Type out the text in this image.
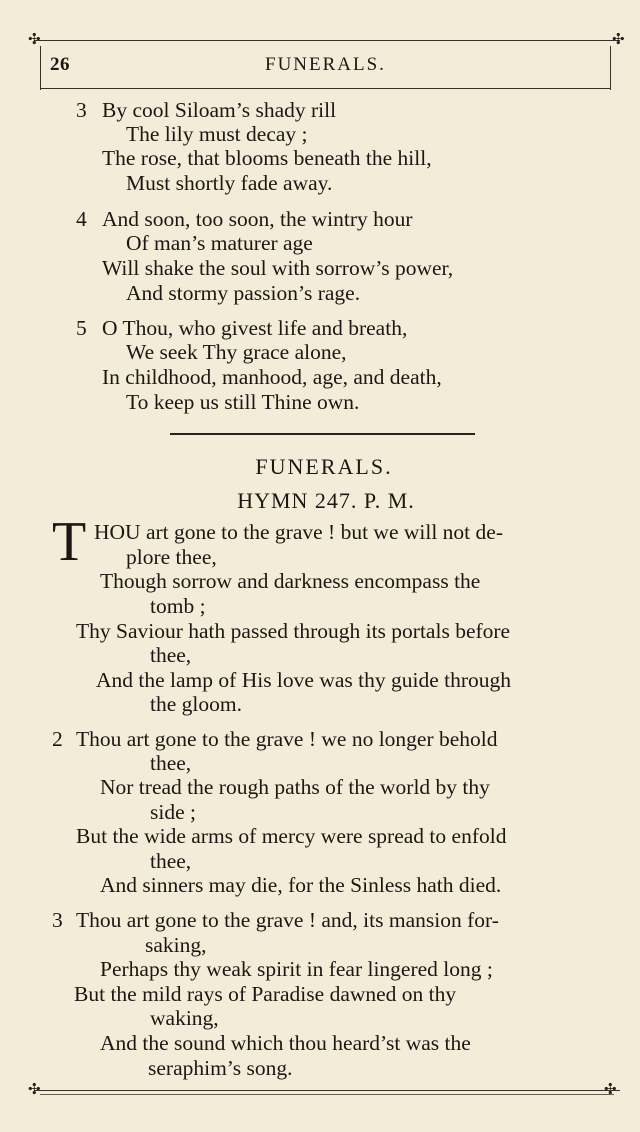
✣	✣
✣	✣
26	FUNERALS.
3 By cool Siloam’s shady rill
The lily must decay ;
The rose, that blooms beneath the hill,
Must shortly fade away.
4 And soon, too soon, the wintry hour
Of man’s maturer age
Will shake the soul with sorrow’s power,
And stormy passion’s rage.
5 O Thou, who givest life and breath,
We seek Thy grace alone,
In childhood, manhood, age, and death,
To keep us still Thine own.
FUNERALS.
HYMN 247. P. M.
T HOU art gone to the grave ! but we will not de-
plore thee,
Though sorrow and darkness encompass the
tomb ;
Thy Saviour hath passed through its portals before
thee,
And the lamp of His love was thy guide through
the gloom.
2 Thou art gone to the grave ! we no longer behold
thee,
Nor tread the rough paths of the world by thy
side ;
But the wide arms of mercy were spread to enfold
thee,
And sinners may die, for the Sinless hath died.
3 Thou art gone to the grave ! and, its mansion for-
saking,
Perhaps thy weak spirit in fear lingered long ;
But the mild rays of Paradise dawned on thy
waking,
And the sound which thou heard’st was the
seraphim’s song.
